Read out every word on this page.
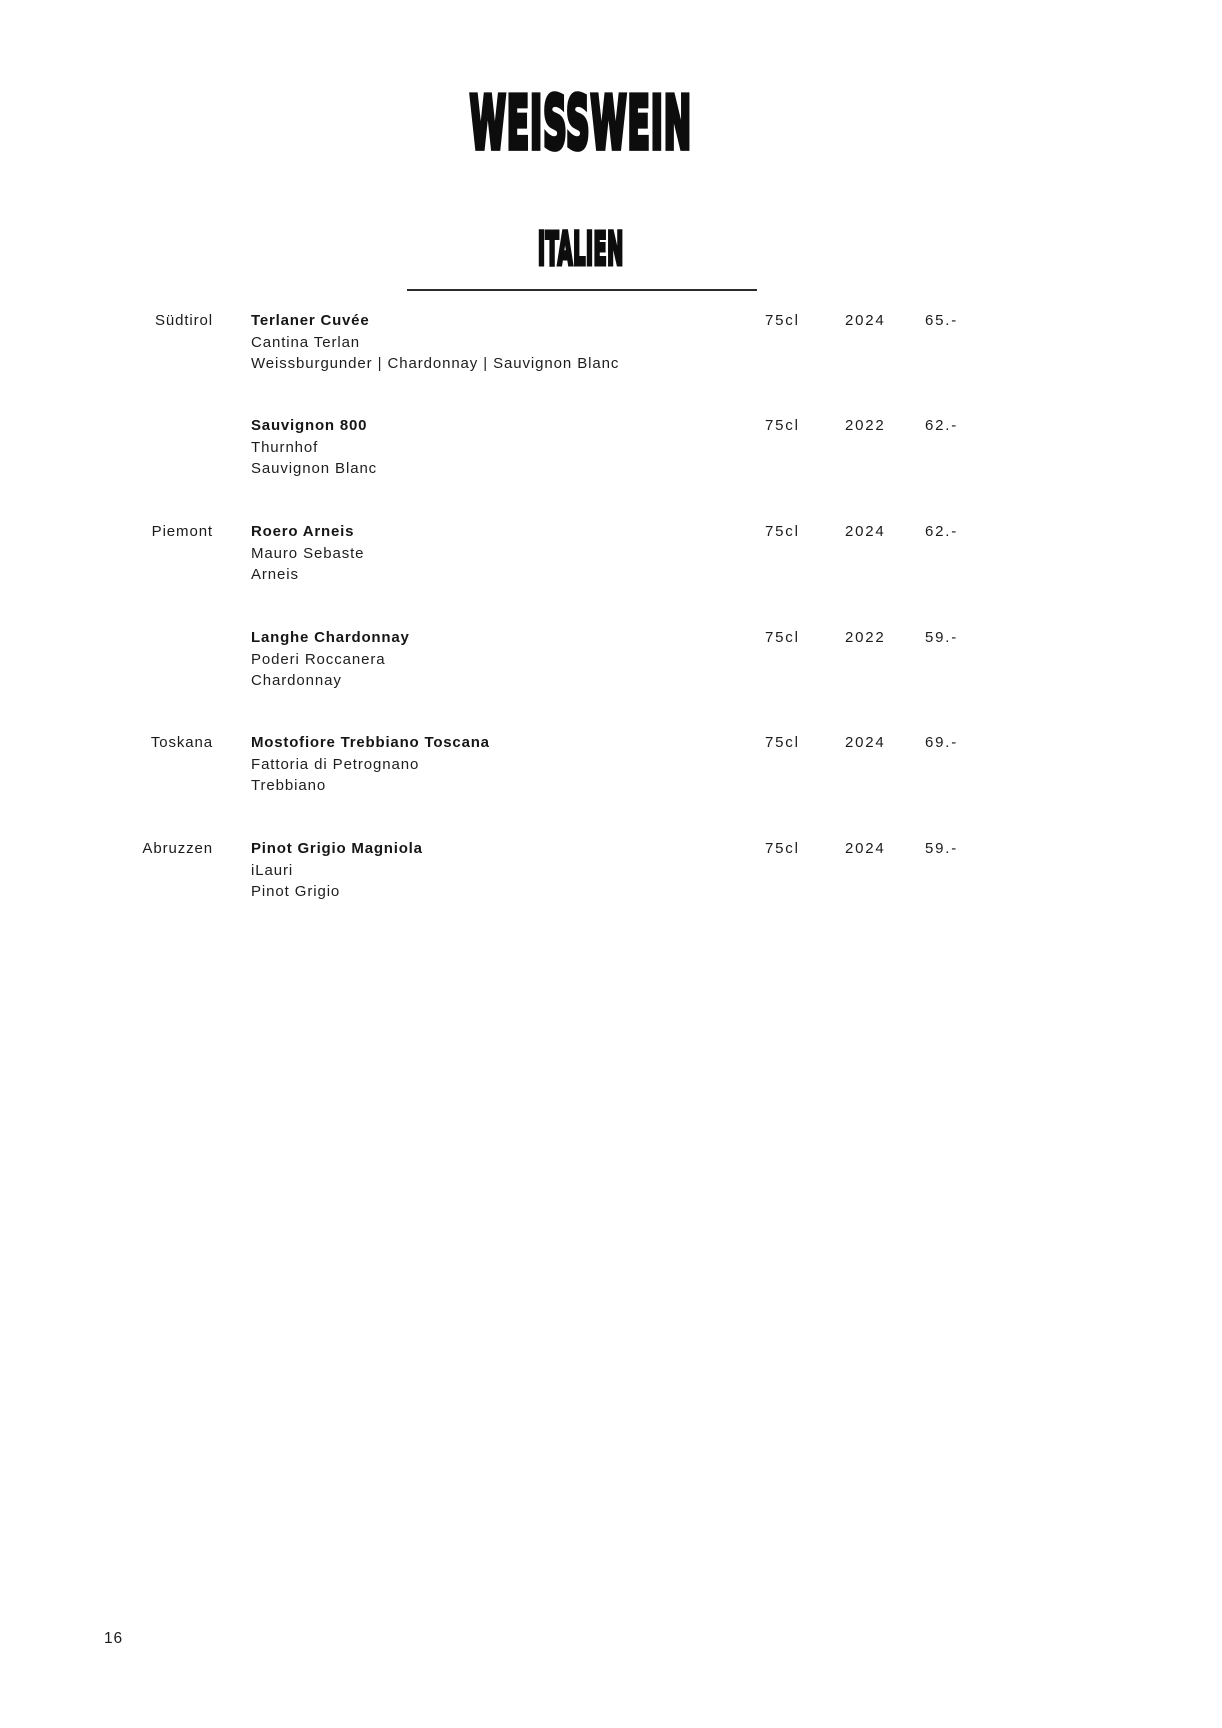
WEISSWEIN
ITALIEN
Südtirol	Terlaner Cuvée
Cantina Terlan
Weissburgunder | Chardonnay | Sauvignon Blanc
75cl	2024	65.-
Sauvignon 800
Thurnhof
Sauvignon Blanc
75cl	2022	62.-
Piemont	Roero Arneis
Mauro Sebaste
Arneis
75cl	2024	62.-
Langhe Chardonnay
Poderi Roccanera
Chardonnay
75cl	2022	59.-
Toskana	Mostofiore Trebbiano Toscana
Fattoria di Petrognano
Trebbiano
75cl	2024	69.-
Abruzzen	Pinot Grigio Magniola
iLauri
Pinot Grigio
75cl	2024	59.-
16
